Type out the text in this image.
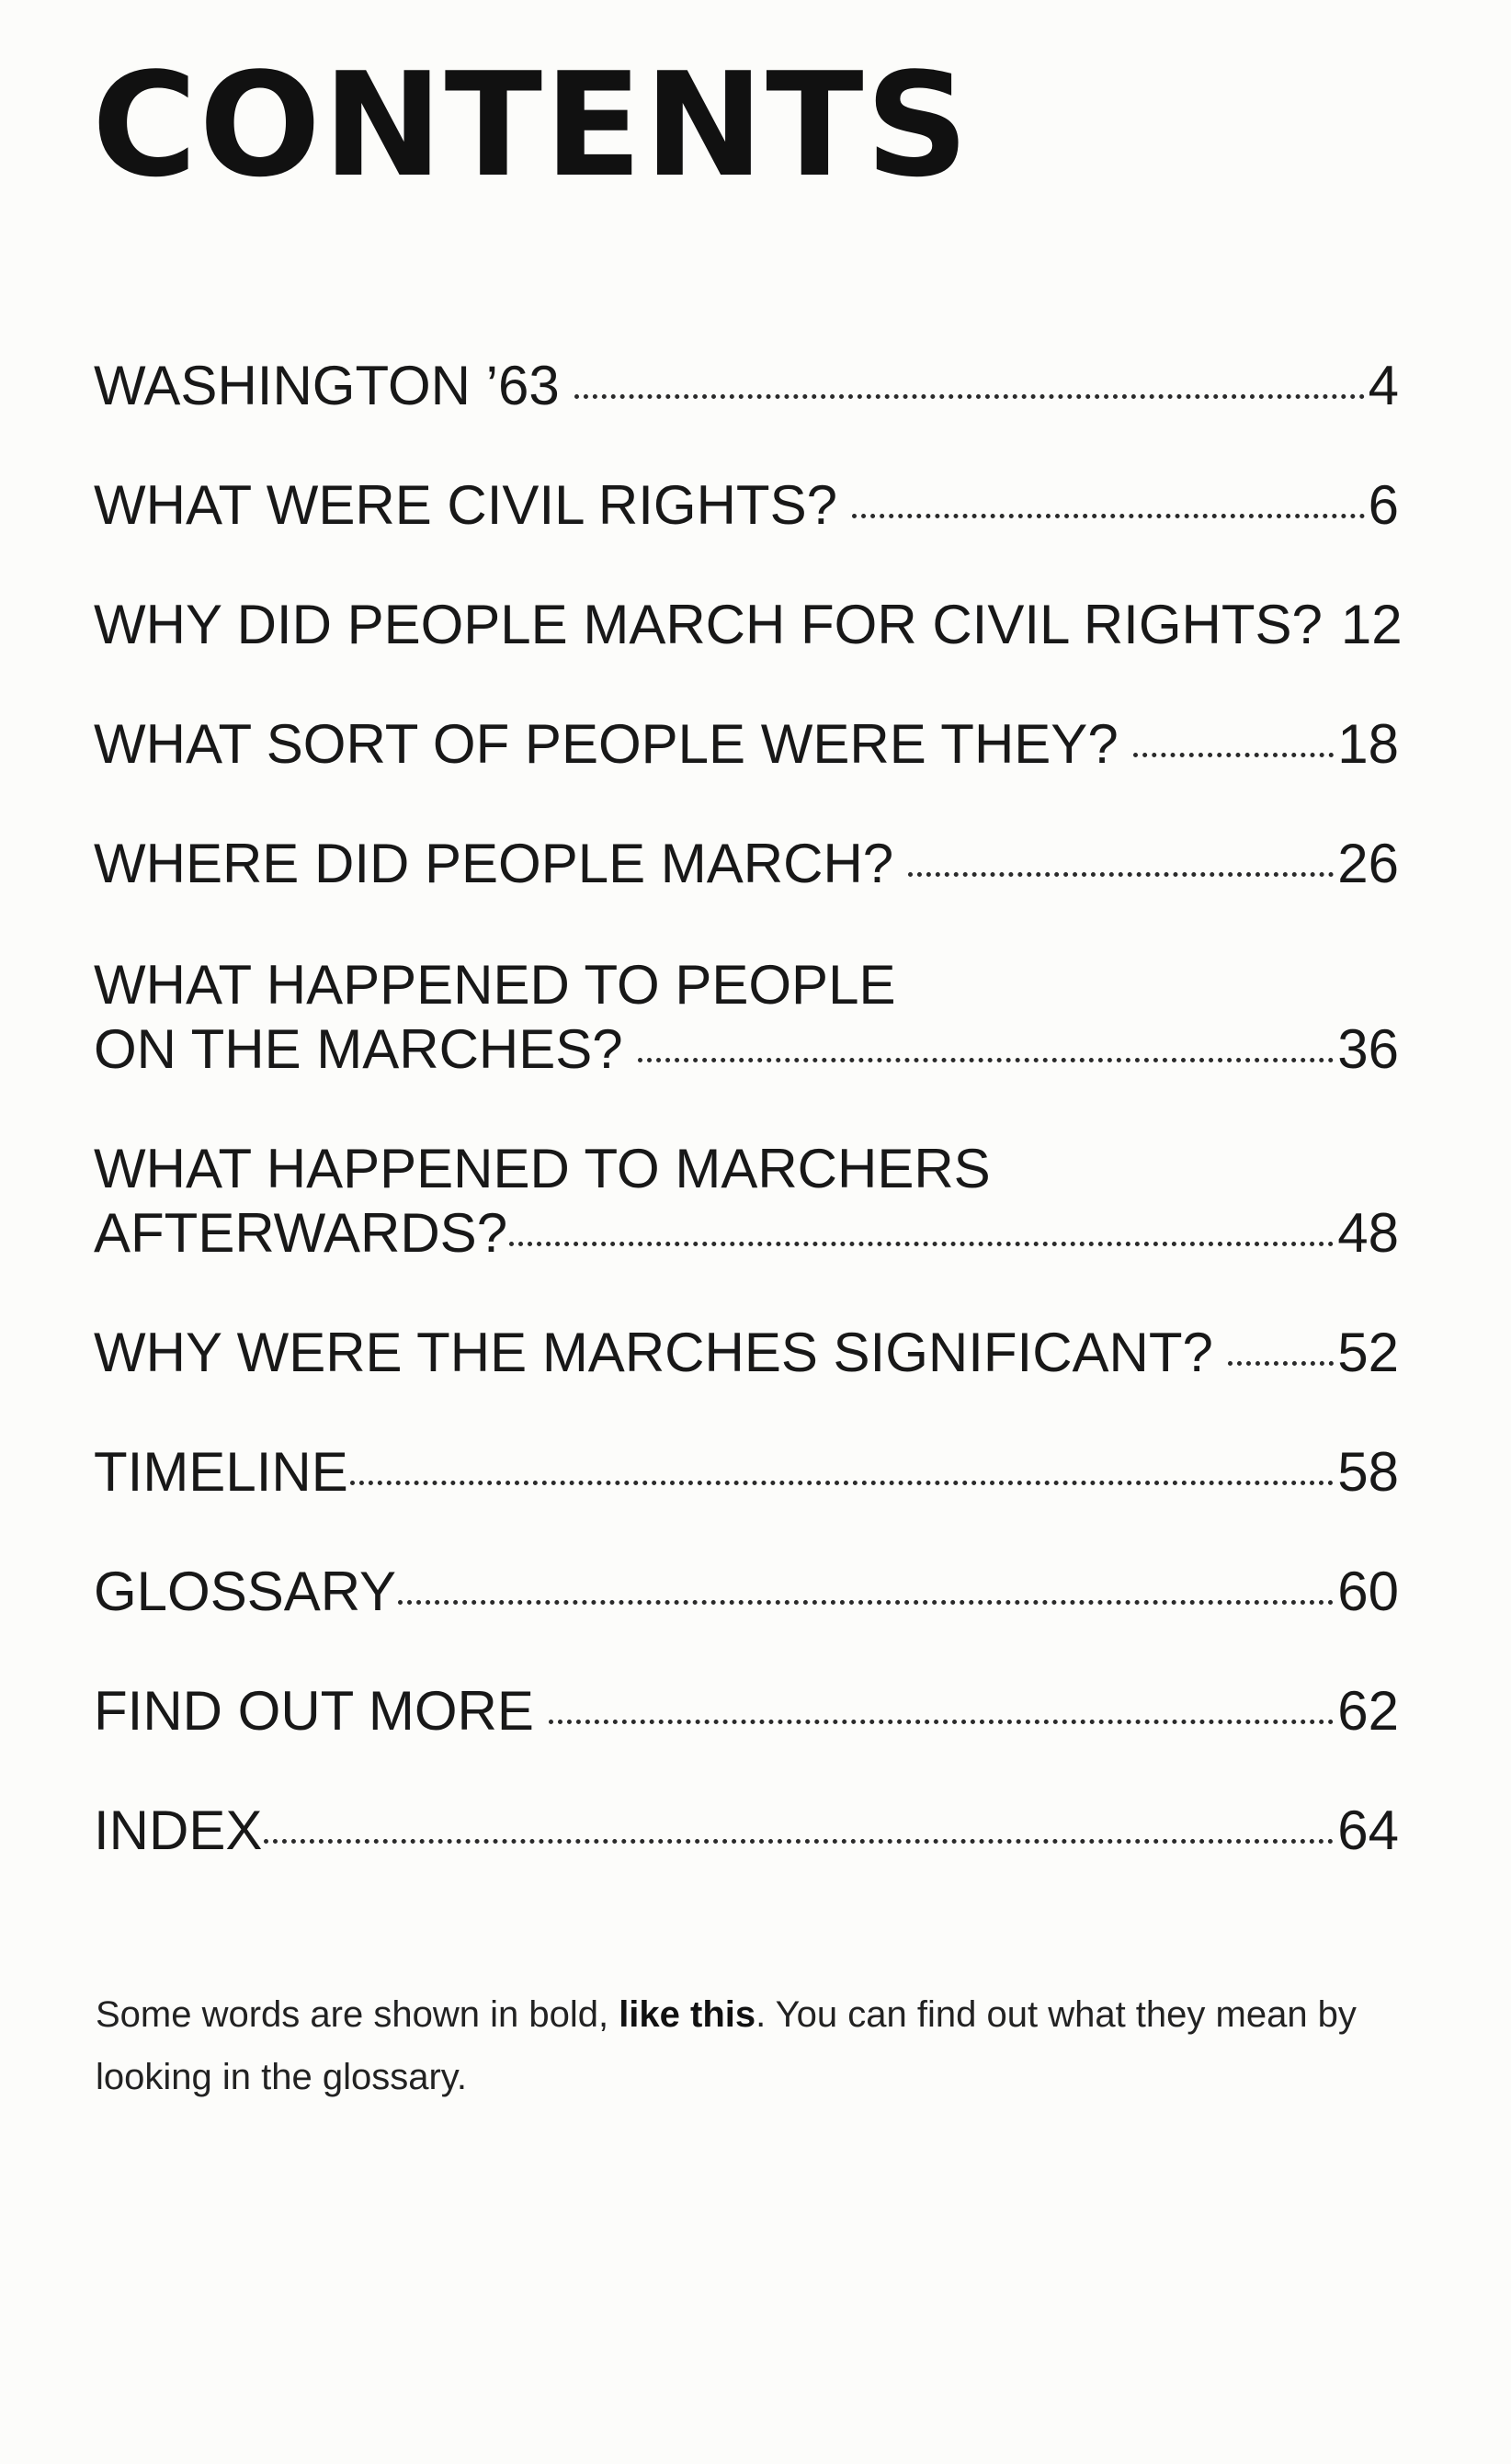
CONTENTS
WASHINGTON ’63	4
WHAT WERE CIVIL RIGHTS?	6
WHY DID PEOPLE MARCH FOR CIVIL RIGHTS? 12
WHAT SORT OF PEOPLE WERE THEY?	18
WHERE DID PEOPLE MARCH?	26
WHAT HAPPENED TO PEOPLE
ON THE MARCHES?	36
WHAT HAPPENED TO MARCHERS
AFTERWARDS?	48
WHY WERE THE MARCHES SIGNIFICANT? 52
TIMELINE	58
GLOSSARY	60
FIND OUT MORE	62
INDEX	64

Some words are shown in bold, like this. You can find out what they mean by looking in the glossary.
